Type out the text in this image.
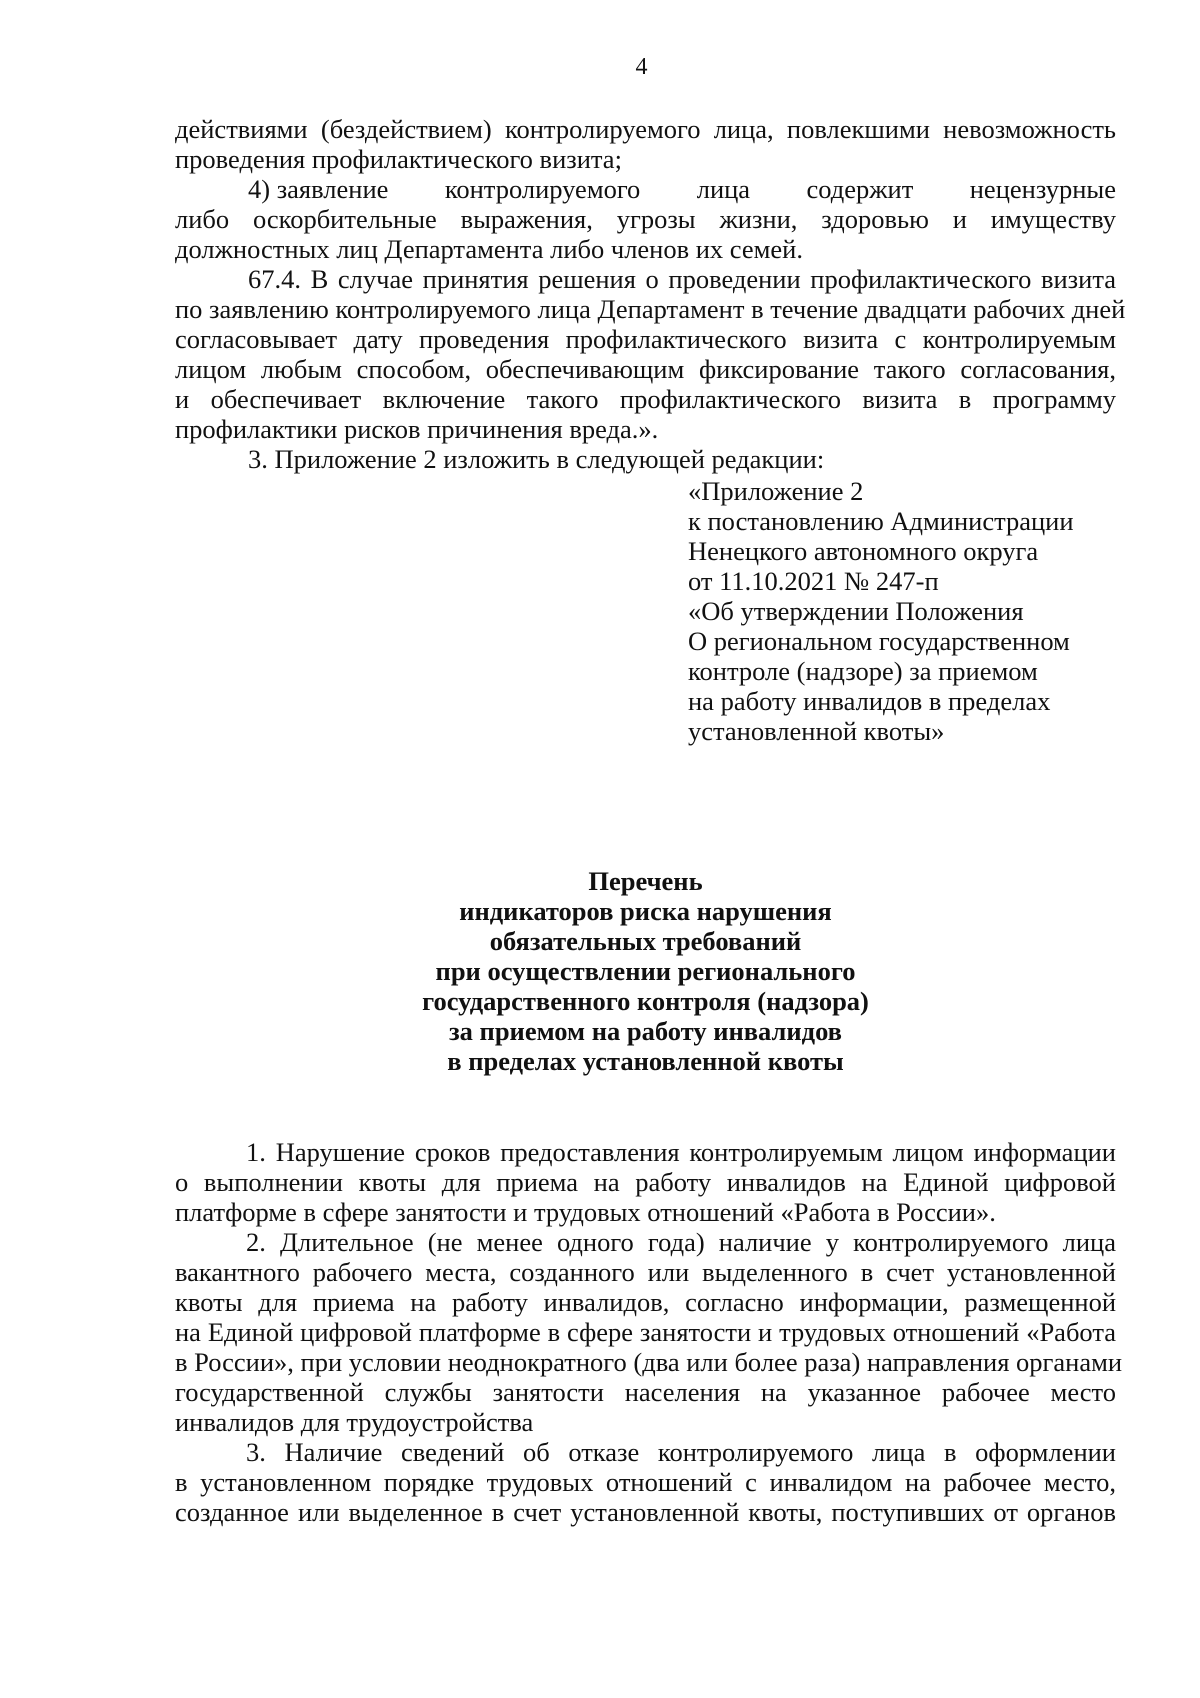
4
действиями (бездействием) контролируемого лица, повлекшими невозможность
проведения профилактического визита;
4) заявление контролируемого лица содержит нецензурные
либо оскорбительные выражения, угрозы жизни, здоровью и имуществу
должностных лиц Департамента либо членов их семей.
67.4. В случае принятия решения о проведении профилактического визита
по заявлению контролируемого лица Департамент в течение двадцати рабочих дней
согласовывает дату проведения профилактического визита с контролируемым
лицом любым способом, обеспечивающим фиксирование такого согласования,
и обеспечивает включение такого профилактического визита в программу
профилактики рисков причинения вреда.».
3. Приложение 2 изложить в следующей редакции:
«Приложение 2
к постановлению Администрации
Ненецкого автономного округа
от 11.10.2021 № 247-п
«Об утверждении Положения
О региональном государственном
контроле (надзоре) за приемом
на работу инвалидов в пределах
установленной квоты»
Перечень
индикаторов риска нарушения
обязательных требований
при осуществлении регионального
государственного контроля (надзора)
за приемом на работу инвалидов
в пределах установленной квоты
1. Нарушение сроков предоставления контролируемым лицом информации
о выполнении квоты для приема на работу инвалидов на Единой цифровой
платформе в сфере занятости и трудовых отношений «Работа в России».
2. Длительное (не менее одного года) наличие у контролируемого лица
вакантного рабочего места, созданного или выделенного в счет установленной
квоты для приема на работу инвалидов, согласно информации, размещенной
на Единой цифровой платформе в сфере занятости и трудовых отношений «Работа
в России», при условии неоднократного (два или более раза) направления органами
государственной службы занятости населения на указанное рабочее место
инвалидов для трудоустройства
3. Наличие сведений об отказе контролируемого лица в оформлении
в установленном порядке трудовых отношений с инвалидом на рабочее место,
созданное или выделенное в счет установленной квоты, поступивших от органов
